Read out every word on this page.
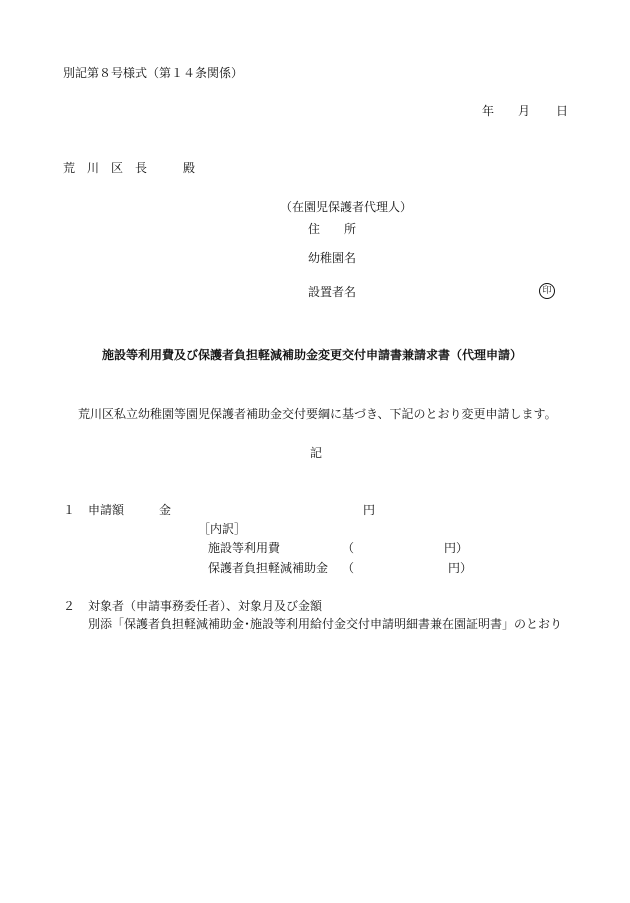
別記第８号様式（第１４条関係）
年 月 日
荒　川　区　長　　　殿
（在園児保護者代理人）
住　　所
幼稚園名
設置者名	印
施設等利用費及び保護者負担軽減補助金変更交付申請書兼請求書（代理申請）
荒川区私立幼稚園等園児保護者補助金交付要綱に基づき、下記のとおり変更申請します。
記
１ 申請額	金	円
［内訳］
施設等利用費	（	円）
保護者負担軽減補助金 （	円）
２ 対象者（申請事務委任者）、対象月及び金額
別添「保護者負担軽減補助金･施設等利用給付金交付申請明細書兼在園証明書」のとおり
